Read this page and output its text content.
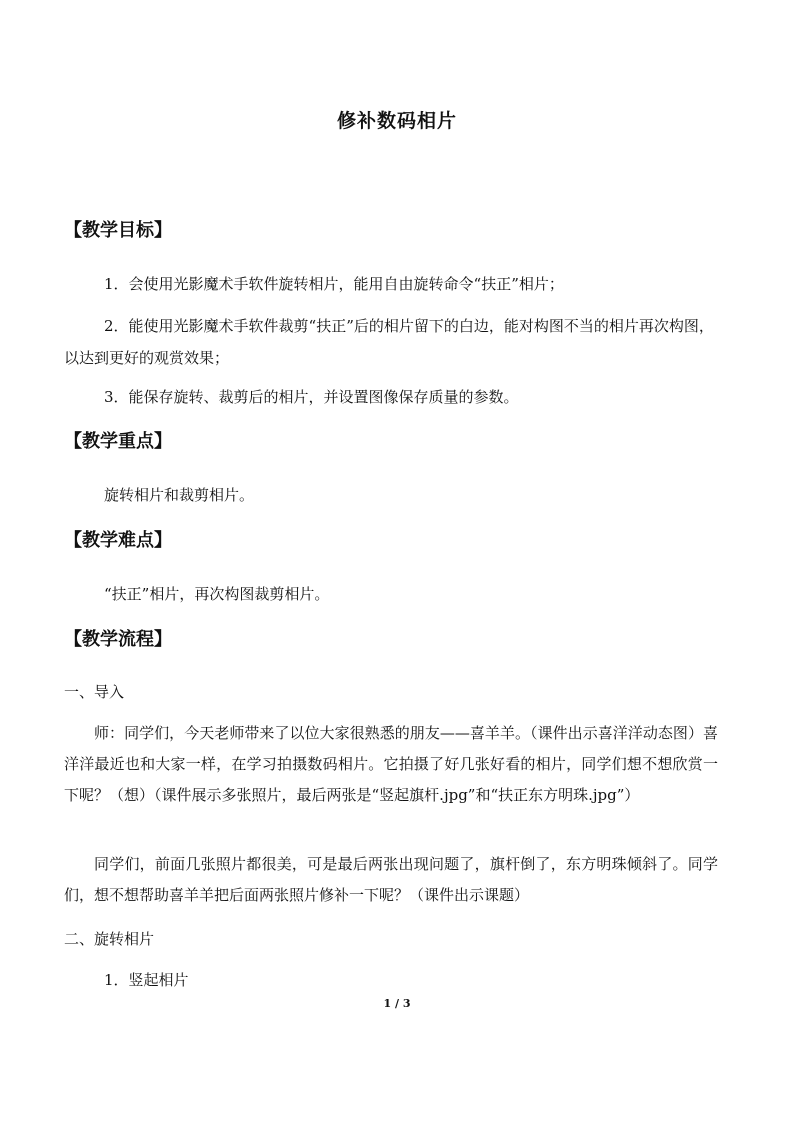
修补数码相片
【教学目标】
1．会使用光影魔术手软件旋转相片，能用自由旋转命令“扶正”相片；
2．能使用光影魔术手软件裁剪“扶正”后的相片留下的白边，能对构图不当的相片再次构图，以达到更好的观赏效果；
3．能保存旋转、裁剪后的相片，并设置图像保存质量的参数。
【教学重点】
旋转相片和裁剪相片。
【教学难点】
“扶正”相片，再次构图裁剪相片。
【教学流程】
一、导入
师：同学们，今天老师带来了以位大家很熟悉的朋友——喜羊羊。（课件出示喜洋洋动态图）喜洋洋最近也和大家一样，在学习拍摄数码相片。它拍摄了好几张好看的相片，同学们想不想欣赏一下呢？（想）（课件展示多张照片，最后两张是“竖起旗杆.jpg”和“扶正东方明珠.jpg”）
同学们，前面几张照片都很美，可是最后两张出现问题了，旗杆倒了，东方明珠倾斜了。同学们，想不想帮助喜羊羊把后面两张照片修补一下呢？（课件出示课题）
二、旋转相片
1．竖起相片
1 / 3
